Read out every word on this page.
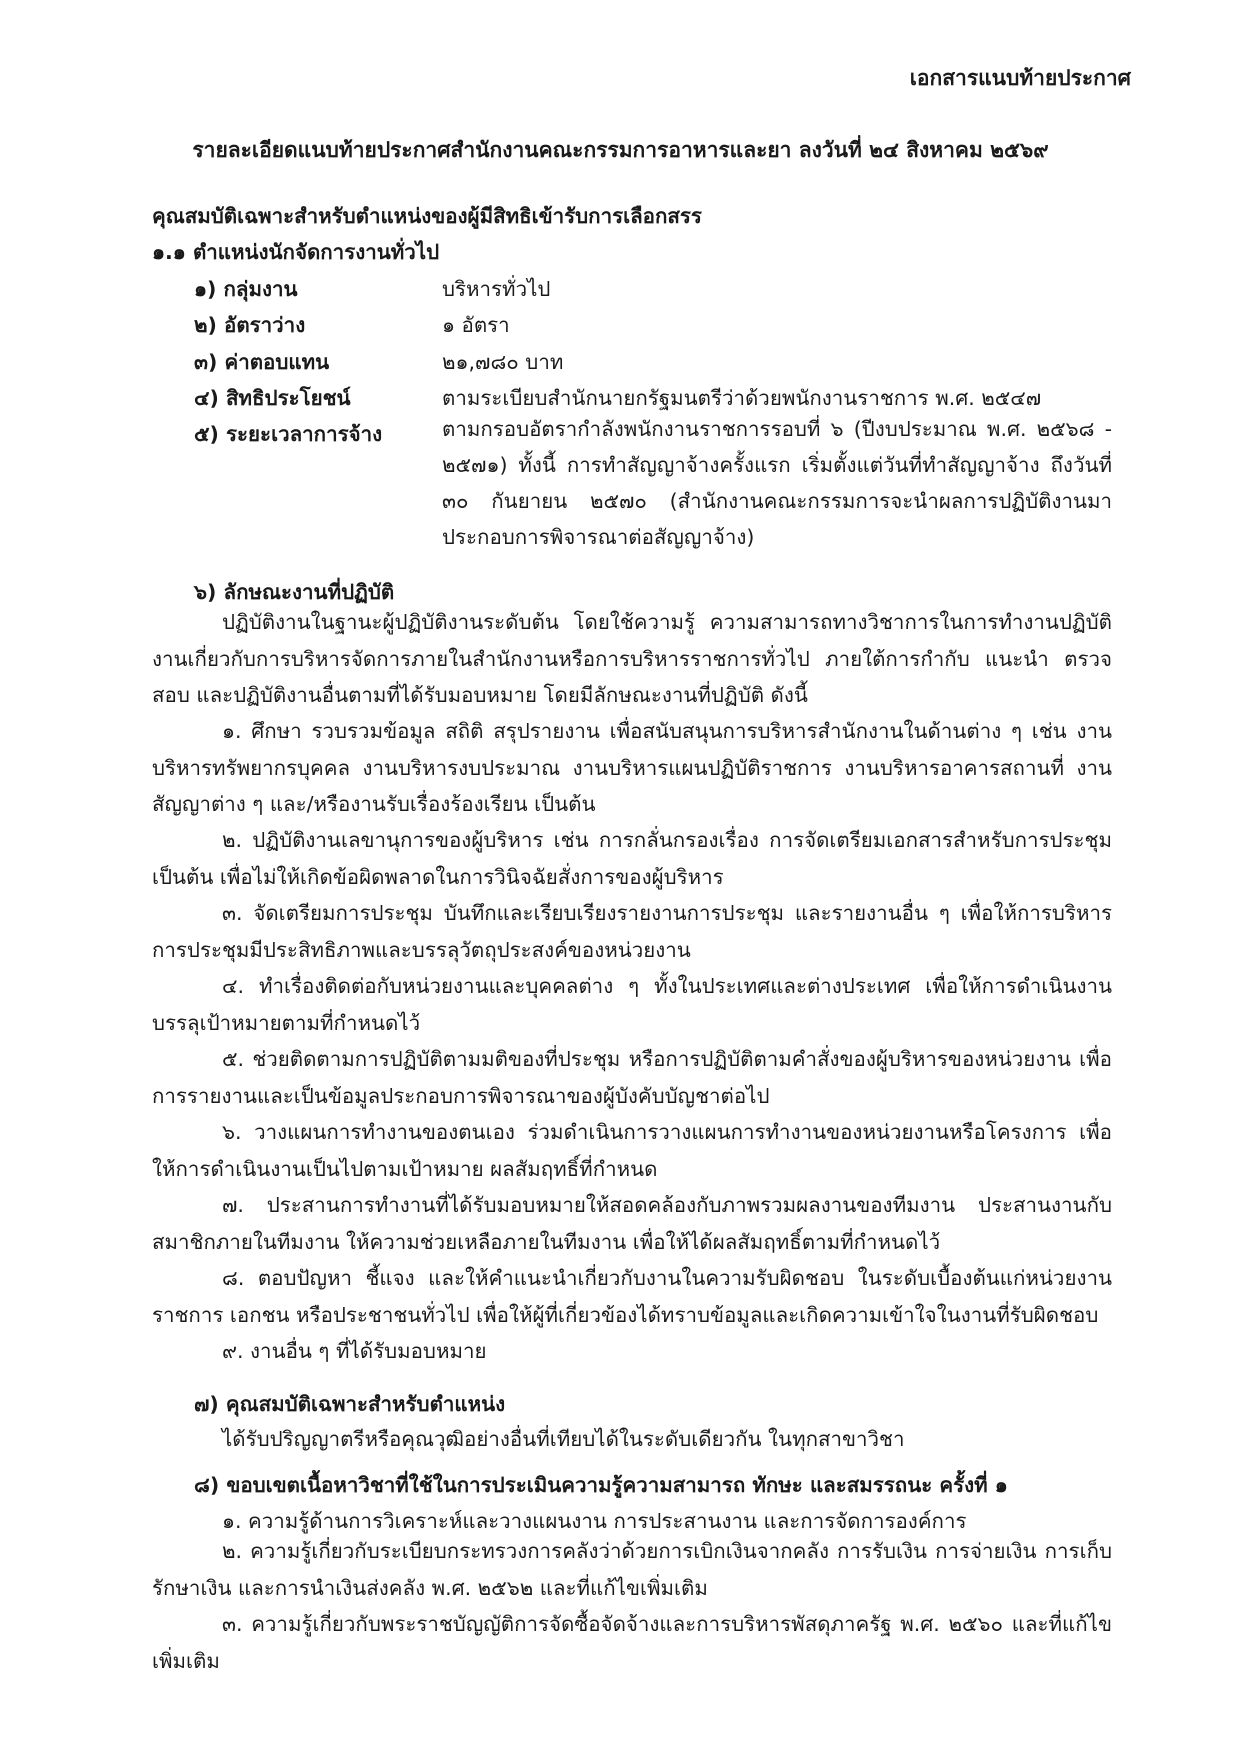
เอกสารแนบท้ายประกาศ
รายละเอียดแนบท้ายประกาศสำนักงานคณะกรรมการอาหารและยา ลงวันที่ ๒๔ สิงหาคม ๒๕๖๙
คุณสมบัติเฉพาะสำหรับตำแหน่งของผู้มีสิทธิเข้ารับการเลือกสรร
๑.๑ ตำแหน่งนักจัดการงานทั่วไป
๑) กลุ่มงาน	บริหารทั่วไป
๒) อัตราว่าง	๑ อัตรา
๓) ค่าตอบแทน	๒๑,๗๘๐ บาท
๔) สิทธิประโยชน์	ตามระเบียบสำนักนายกรัฐมนตรีว่าด้วยพนักงานราชการ พ.ศ. ๒๕๔๗
๕) ระยะเวลาการจ้าง	ตามกรอบอัตรากำลังพนักงานราชการรอบที่ ๖ (ปีงบประมาณ พ.ศ. ๒๕๖๘ - ๒๕๗๑) ทั้งนี้ การทำสัญญาจ้างครั้งแรก เริ่มตั้งแต่วันที่ทำสัญญาจ้าง ถึงวันที่ ๓๐ กันยายน ๒๕๗๐ (สำนักงานคณะกรรมการจะนำผลการปฏิบัติงานมาประกอบการพิจารณาต่อสัญญาจ้าง)
๖) ลักษณะงานที่ปฏิบัติ
ปฏิบัติงานในฐานะผู้ปฏิบัติงานระดับต้น โดยใช้ความรู้ ความสามารถทางวิชาการในการทำงานปฏิบัติงานเกี่ยวกับการบริหารจัดการภายในสำนักงานหรือการบริหารราชการทั่วไป ภายใต้การกำกับ แนะนำ ตรวจสอบ และปฏิบัติงานอื่นตามที่ได้รับมอบหมาย โดยมีลักษณะงานที่ปฏิบัติ ดังนี้
๑. ศึกษา รวบรวมข้อมูล สถิติ สรุปรายงาน เพื่อสนับสนุนการบริหารสำนักงานในด้านต่าง ๆ เช่น งานบริหารทรัพยากรบุคคล งานบริหารงบประมาณ งานบริหารแผนปฏิบัติราชการ งานบริหารอาคารสถานที่ งานสัญญาต่าง ๆ และ/หรืองานรับเรื่องร้องเรียน เป็นต้น
๒. ปฏิบัติงานเลขานุการของผู้บริหาร เช่น การกลั่นกรองเรื่อง การจัดเตรียมเอกสารสำหรับการประชุม เป็นต้น เพื่อไม่ให้เกิดข้อผิดพลาดในการวินิจฉัยสั่งการของผู้บริหาร
๓. จัดเตรียมการประชุม บันทึกและเรียบเรียงรายงานการประชุม และรายงานอื่น ๆ เพื่อให้การบริหารการประชุมมีประสิทธิภาพและบรรลุวัตถุประสงค์ของหน่วยงาน
๔. ทำเรื่องติดต่อกับหน่วยงานและบุคคลต่าง ๆ ทั้งในประเทศและต่างประเทศ เพื่อให้การดำเนินงานบรรลุเป้าหมายตามที่กำหนดไว้
๕. ช่วยติดตามการปฏิบัติตามมติของที่ประชุม หรือการปฏิบัติตามคำสั่งของผู้บริหารของหน่วยงาน เพื่อการรายงานและเป็นข้อมูลประกอบการพิจารณาของผู้บังคับบัญชาต่อไป
๖. วางแผนการทำงานของตนเอง ร่วมดำเนินการวางแผนการทำงานของหน่วยงานหรือโครงการ เพื่อให้การดำเนินงานเป็นไปตามเป้าหมาย ผลสัมฤทธิ์ที่กำหนด
๗. ประสานการทำงานที่ได้รับมอบหมายให้สอดคล้องกับภาพรวมผลงานของทีมงาน ประสานงานกับสมาชิกภายในทีมงาน ให้ความช่วยเหลือภายในทีมงาน เพื่อให้ได้ผลสัมฤทธิ์ตามที่กำหนดไว้
๘. ตอบปัญหา ชี้แจง และให้คำแนะนำเกี่ยวกับงานในความรับผิดชอบ ในระดับเบื้องต้นแก่หน่วยงานราชการ เอกชน หรือประชาชนทั่วไป เพื่อให้ผู้ที่เกี่ยวข้องได้ทราบข้อมูลและเกิดความเข้าใจในงานที่รับผิดชอบ
๙. งานอื่น ๆ ที่ได้รับมอบหมาย
๗) คุณสมบัติเฉพาะสำหรับตำแหน่ง
ได้รับปริญญาตรีหรือคุณวุฒิอย่างอื่นที่เทียบได้ในระดับเดียวกัน ในทุกสาขาวิชา
๘) ขอบเขตเนื้อหาวิชาที่ใช้ในการประเมินความรู้ความสามารถ ทักษะ และสมรรถนะ ครั้งที่ ๑
๑. ความรู้ด้านการวิเคราะห์และวางแผนงาน การประสานงาน และการจัดการองค์การ
๒. ความรู้เกี่ยวกับระเบียบกระทรวงการคลังว่าด้วยการเบิกเงินจากคลัง การรับเงิน การจ่ายเงิน การเก็บรักษาเงิน และการนำเงินส่งคลัง พ.ศ. ๒๕๖๒ และที่แก้ไขเพิ่มเติม
๓. ความรู้เกี่ยวกับพระราชบัญญัติการจัดซื้อจัดจ้างและการบริหารพัสดุภาครัฐ พ.ศ. ๒๕๖๐ และที่แก้ไขเพิ่มเติม
